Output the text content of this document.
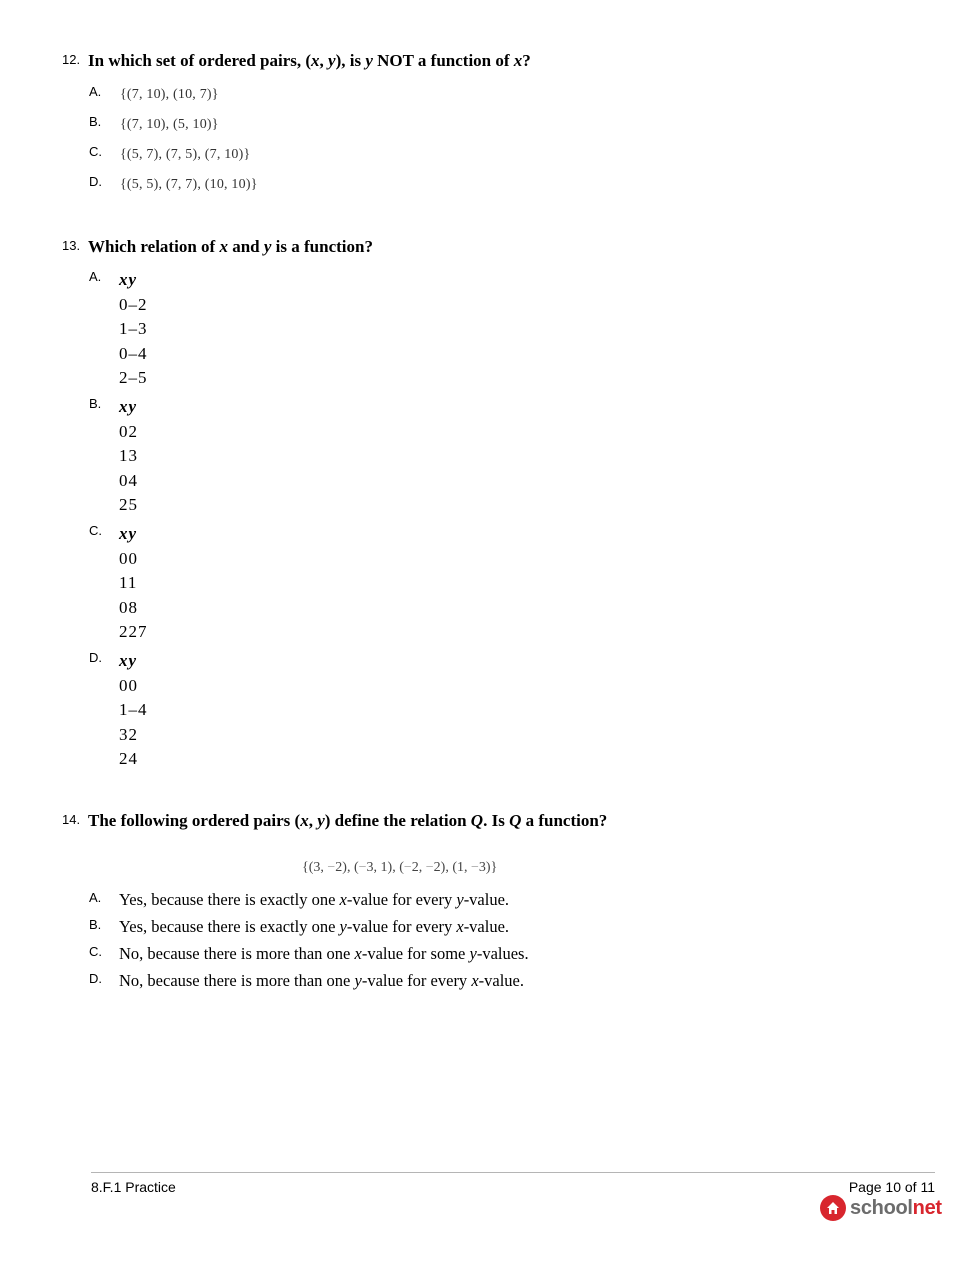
12. In which set of ordered pairs, (x, y), is y NOT a function of x?
A. {(7, 10), (10, 7)}
B. {(7, 10), (5, 10)}
C. {(5, 7), (7, 5), (7, 10)}
D. {(5, 5), (7, 7), (10, 10)}
13. Which relation of x and y is a function?
A. xy
0–2
1–3
0–4
2–5
B. xy
02
13
04
25
C. xy
00
11
08
227
D. xy
00
1–4
32
24
14. The following ordered pairs (x, y) define the relation Q. Is Q a function?
{(3, −2), (−3, 1), (−2, −2), (1, −3)}
A. Yes, because there is exactly one x-value for every y-value.
B. Yes, because there is exactly one y-value for every x-value.
C. No, because there is more than one x-value for some y-values.
D. No, because there is more than one y-value for every x-value.
8.F.1 Practice	Page 10 of 11
schoolnet
